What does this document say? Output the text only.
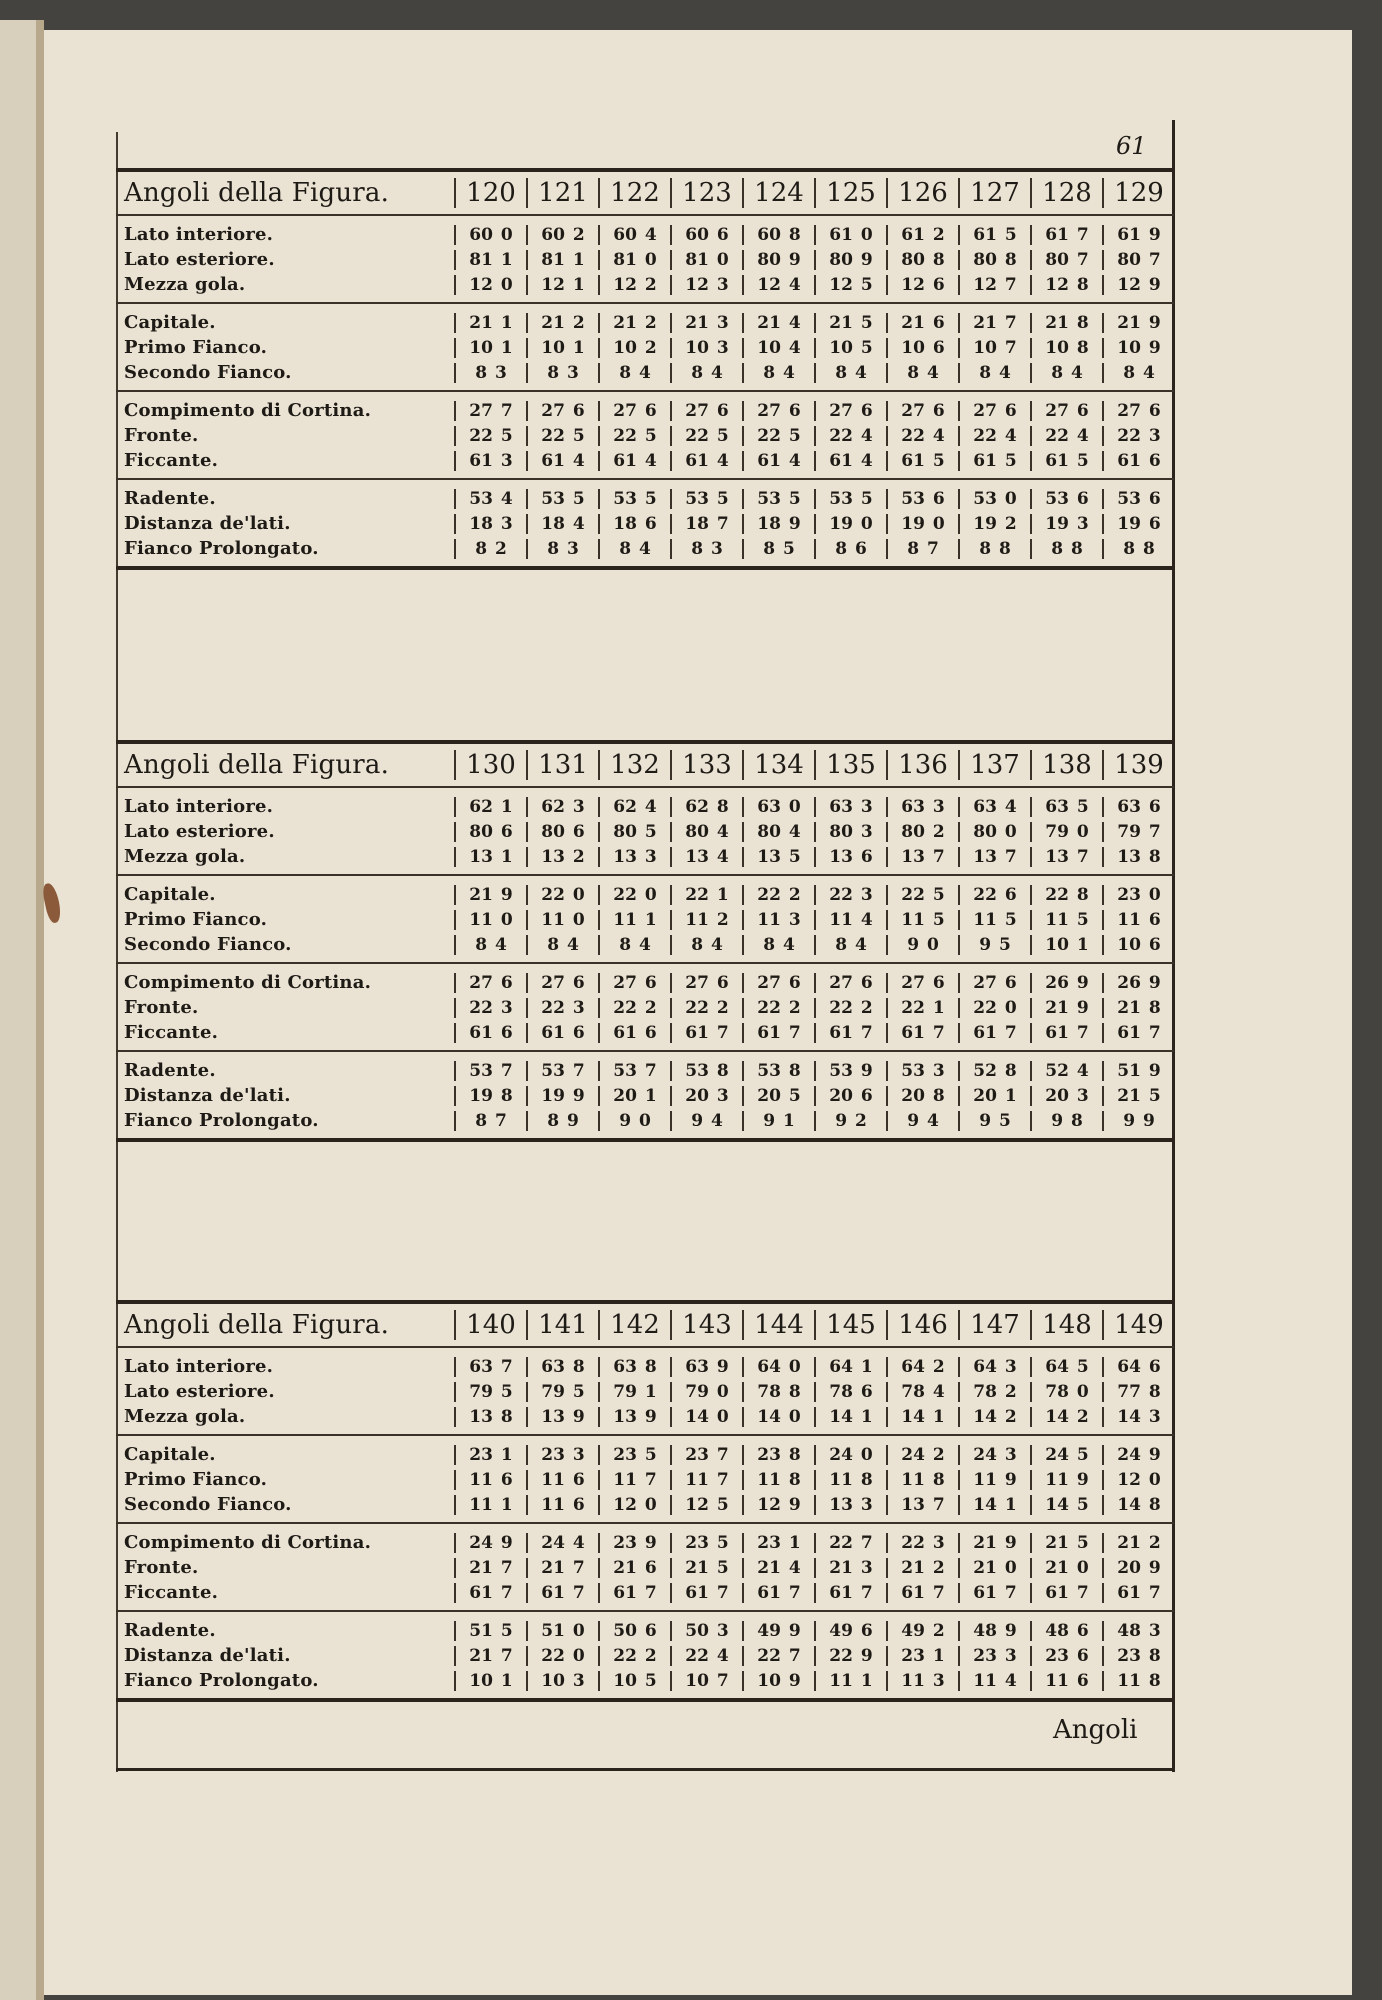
61
Angoli della Figura.	120 121 122 123 124 125 126 127 128 129
Lato interiore.	60 0	60 2	60 4	60 6	60 8	61 0	61 2	61 5	61 7	61 9
Lato esteriore.	81 1	81 1	81 0	81 0	80 9	80 9	80 8	80 8	80 7	80 7
Mezza gola.	12 0	12 1	12 2	12 3	12 4	12 5	12 6	12 7	12 8	12 9
Capitale.	21 1	21 2	21 2	21 3	21 4	21 5	21 6	21 7	21 8	21 9
Primo Fianco.	10 1	10 1	10 2	10 3	10 4	10 5	10 6	10 7	10 8	10 9
Secondo Fianco.	8 3	8 3	8 4	8 4	8 4	8 4	8 4	8 4	8 4	8 4
Compimento di Cortina.	27 7	27 6	27 6	27 6	27 6	27 6	27 6	27 6	27 6	27 6
Fronte.	22 5	22 5	22 5	22 5	22 5	22 4	22 4	22 4	22 4	22 3
Ficcante.	61 3	61 4	61 4	61 4	61 4	61 4	61 5	61 5	61 5	61 6
Radente.	53 4	53 5	53 5	53 5	53 5	53 5	53 6	53 0	53 6	53 6
Distanza de'lati.	18 3	18 4	18 6	18 7	18 9	19 0	19 0	19 2	19 3	19 6
Fianco Prolongato.	8 2	8 3	8 4	8 3	8 5	8 6	8 7	8 8	8 8	8 8
Angoli della Figura.	130 131 132 133 134 135 136 137 138 139
Lato interiore.	62 1	62 3	62 4	62 8	63 0	63 3	63 3	63 4	63 5	63 6
Lato esteriore.	80 6	80 6	80 5	80 4	80 4	80 3	80 2	80 0	79 0	79 7
Mezza gola.	13 1	13 2	13 3	13 4	13 5	13 6	13 7	13 7	13 7	13 8
Capitale.	21 9	22 0	22 0	22 1	22 2	22 3	22 5	22 6	22 8	23 0
Primo Fianco.	11 0	11 0	11 1	11 2	11 3	11 4	11 5	11 5	11 5	11 6
Secondo Fianco.	8 4	8 4	8 4	8 4	8 4	8 4	9 0	9 5	10 1	10 6
Compimento di Cortina.	27 6	27 6	27 6	27 6	27 6	27 6	27 6	27 6	26 9	26 9
Fronte.	22 3	22 3	22 2	22 2	22 2	22 2	22 1	22 0	21 9	21 8
Ficcante.	61 6	61 6	61 6	61 7	61 7	61 7	61 7	61 7	61 7	61 7
Radente.	53 7	53 7	53 7	53 8	53 8	53 9	53 3	52 8	52 4	51 9
Distanza de'lati.	19 8	19 9	20 1	20 3	20 5	20 6	20 8	20 1	20 3	21 5
Fianco Prolongato.	8 7	8 9	9 0	9 4	9 1	9 2	9 4	9 5	9 8	9 9
Angoli della Figura.	140 141 142 143 144 145 146 147 148 149
Lato interiore.	63 7	63 8	63 8	63 9	64 0	64 1	64 2	64 3	64 5	64 6
Lato esteriore.	79 5	79 5	79 1	79 0	78 8	78 6	78 4	78 2	78 0	77 8
Mezza gola.	13 8	13 9	13 9	14 0	14 0	14 1	14 1	14 2	14 2	14 3
Capitale.	23 1	23 3	23 5	23 7	23 8	24 0	24 2	24 3	24 5	24 9
Primo Fianco.	11 6	11 6	11 7	11 7	11 8	11 8	11 8	11 9	11 9	12 0
Secondo Fianco.	11 1	11 6	12 0	12 5	12 9	13 3	13 7	14 1	14 5	14 8
Compimento di Cortina.	24 9	24 4	23 9	23 5	23 1	22 7	22 3	21 9	21 5	21 2
Fronte.	21 7	21 7	21 6	21 5	21 4	21 3	21 2	21 0	21 0	20 9
Ficcante.	61 7	61 7	61 7	61 7	61 7	61 7	61 7	61 7	61 7	61 7
Radente.	51 5	51 0	50 6	50 3	49 9	49 6	49 2	48 9	48 6	48 3
Distanza de'lati.	21 7	22 0	22 2	22 4	22 7	22 9	23 1	23 3	23 6	23 8
Fianco Prolongato.	10 1	10 3	10 5	10 7	10 9	11 1	11 3	11 4	11 6	11 8
Angoli
